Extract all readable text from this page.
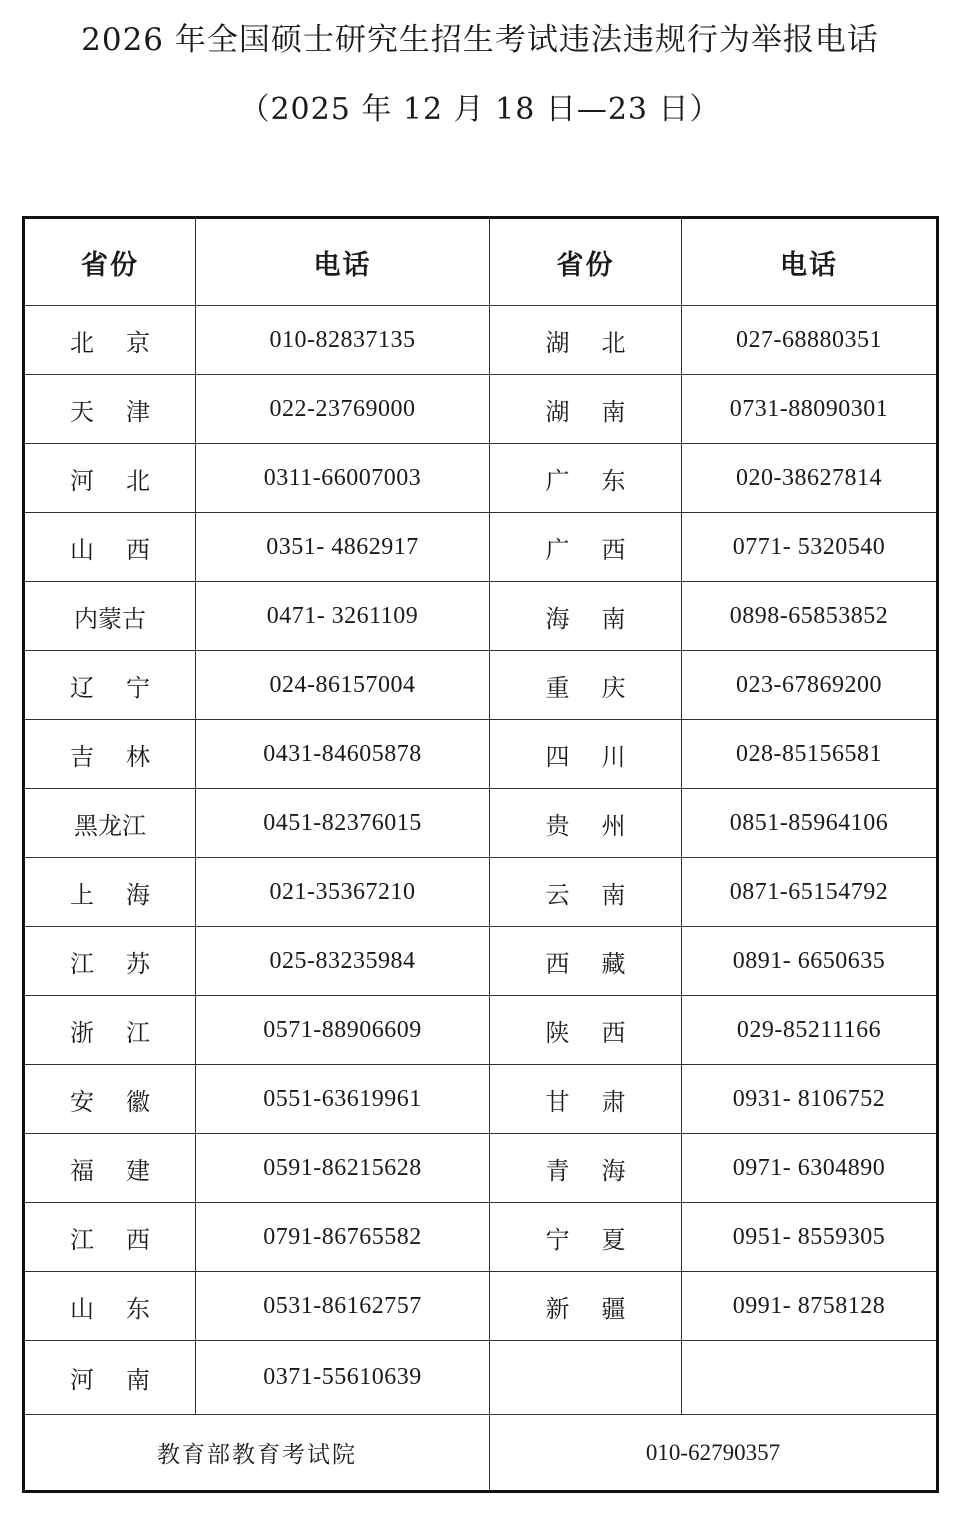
2026 年全国硕士研究生招生考试违法违规行为举报电话
（2025 年 12 月 18 日—23 日）
省份	电话	省份	电话
北京	010-82837135	湖北	027-68880351
天津	022-23769000	湖南	0731-88090301
河北	0311-66007003	广东	020-38627814
山西	0351- 4862917	广西	0771- 5320540
内蒙古	0471- 3261109	海南	0898-65853852
辽宁	024-86157004	重庆	023-67869200
吉林	0431-84605878	四川	028-85156581
黑龙江	0451-82376015	贵州	0851-85964106
上海	021-35367210	云南	0871-65154792
江苏	025-83235984	西藏	0891- 6650635
浙江	0571-88906609	陕西	029-85211166
安徽	0551-63619961	甘肃	0931- 8106752
福建	0591-86215628	青海	0971- 6304890
江西	0791-86765582	宁夏	0951- 8559305
山东	0531-86162757	新疆	0991- 8758128
河南	0371-55610639		
教育部教育考试院		010-62790357	
